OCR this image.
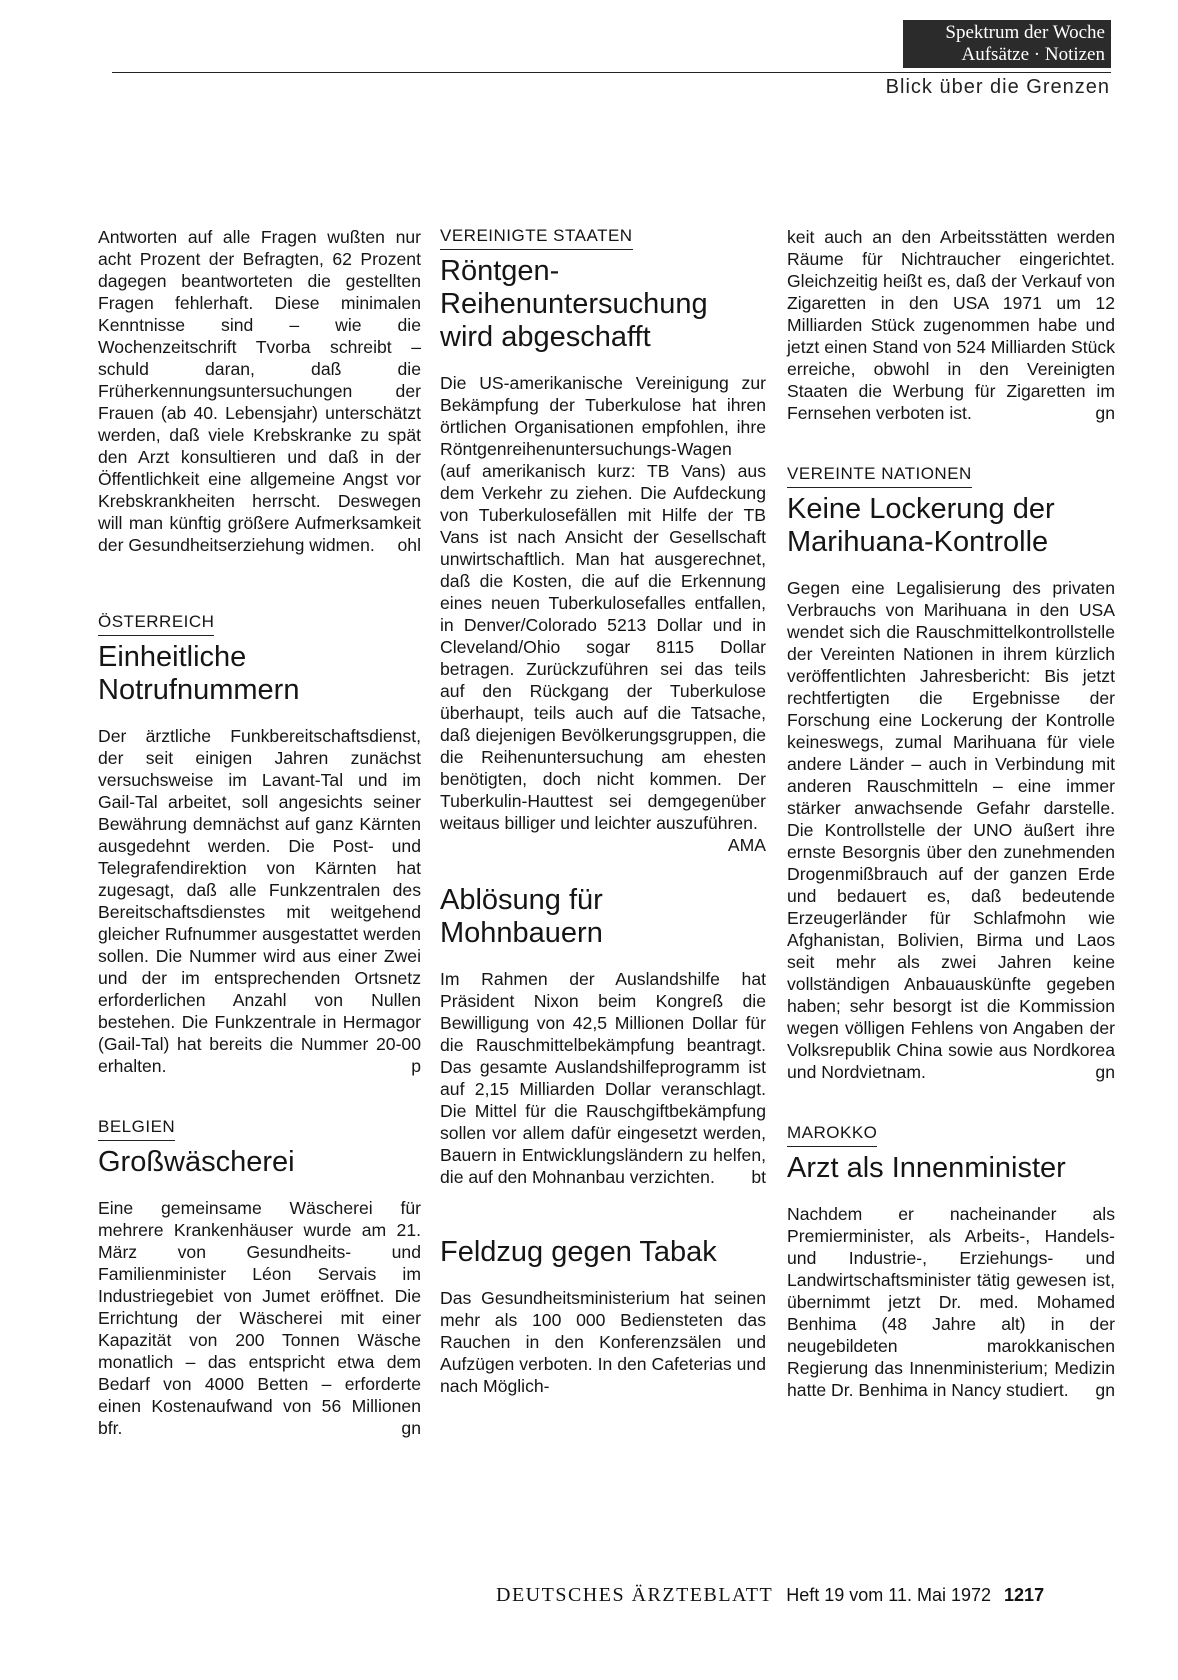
Spektrum der Woche
Aufsätze · Notizen
Blick über die Grenzen

Antworten auf alle Fragen wußten nur acht Prozent der Befragten, 62 Prozent dagegen beantworteten die gestellten Fragen fehlerhaft. Diese minimalen Kenntnisse sind – wie die Wochenzeitschrift Tvorba schreibt – schuld daran, daß die Früherkennungsuntersuchungen der Frauen (ab 40. Lebensjahr) unterschätzt werden, daß viele Krebskranke zu spät den Arzt konsultieren und daß in der Öffentlichkeit eine allgemeine Angst vor Krebskrankheiten herrscht. Deswegen will man künftig größere Aufmerksamkeit der Gesundheitserziehung widmen. ohl

ÖSTERREICH
Einheitliche Notrufnummern

Der ärztliche Funkbereitschaftsdienst, der seit einigen Jahren zunächst versuchsweise im Lavant-Tal und im Gail-Tal arbeitet, soll angesichts seiner Bewährung demnächst auf ganz Kärnten ausgedehnt werden. Die Post- und Telegrafendirektion von Kärnten hat zugesagt, daß alle Funkzentralen des Bereitschaftsdienstes mit weitgehend gleicher Rufnummer ausgestattet werden sollen. Die Nummer wird aus einer Zwei und der im entsprechenden Ortsnetz erforderlichen Anzahl von Nullen bestehen. Die Funkzentrale in Hermagor (Gail-Tal) hat bereits die Nummer 20-00 erhalten.	p

BELGIEN
Großwäscherei

Eine gemeinsame Wäscherei für mehrere Krankenhäuser wurde am 21. März von Gesundheits- und Familienminister Léon Servais im Industriegebiet von Jumet eröffnet. Die Errichtung der Wäscherei mit einer Kapazität von 200 Tonnen Wäsche monatlich – das entspricht etwa dem Bedarf von 4000 Betten – erforderte einen Kostenaufwand von 56 Millionen bfr.	gn

VEREINIGTE STAATEN
Röntgen-Reihenuntersuchung wird abgeschafft

Die US-amerikanische Vereinigung zur Bekämpfung der Tuberkulose hat ihren örtlichen Organisationen empfohlen, ihre Röntgenreihenuntersuchungs-Wagen (auf amerikanisch kurz: TB Vans) aus dem Verkehr zu ziehen. Die Aufdeckung von Tuberkulosefällen mit Hilfe der TB Vans ist nach Ansicht der Gesellschaft unwirtschaftlich. Man hat ausgerechnet, daß die Kosten, die auf die Erkennung eines neuen Tuberkulosefalles entfallen, in Denver/Colorado 5213 Dollar und in Cleveland/Ohio sogar 8115 Dollar betragen. Zurückzuführen sei das teils auf den Rückgang der Tuberkulose überhaupt, teils auch auf die Tatsache, daß diejenigen Bevölkerungsgruppen, die die Reihenuntersuchung am ehesten benötigten, doch nicht kommen. Der Tuberkulin-Hauttest sei demgegenüber weitaus billiger und leichter auszuführen.
AMA

Ablösung für Mohnbauern

Im Rahmen der Auslandshilfe hat Präsident Nixon beim Kongreß die Bewilligung von 42,5 Millionen Dollar für die Rauschmittelbekämpfung beantragt. Das gesamte Auslandshilfeprogramm ist auf 2,15 Milliarden Dollar veranschlagt. Die Mittel für die Rauschgiftbekämpfung sollen vor allem dafür eingesetzt werden, Bauern in Entwicklungsländern zu helfen, die auf den Mohnanbau verzichten. bt

Feldzug gegen Tabak

Das Gesundheitsministerium hat seinen mehr als 100 000 Bediensteten das Rauchen in den Konferenzsälen und Aufzügen verboten. In den Cafeterias und nach Möglich-

keit auch an den Arbeitsstätten werden Räume für Nichtraucher eingerichtet. Gleichzeitig heißt es, daß der Verkauf von Zigaretten in den USA 1971 um 12 Milliarden Stück zugenommen habe und jetzt einen Stand von 524 Milliarden Stück erreiche, obwohl in den Vereinigten Staaten die Werbung für Zigaretten im Fernsehen verboten ist.	gn

VEREINTE NATIONEN
Keine Lockerung der Marihuana-Kontrolle

Gegen eine Legalisierung des privaten Verbrauchs von Marihuana in den USA wendet sich die Rauschmittelkontrollstelle der Vereinten Nationen in ihrem kürzlich veröffentlichten Jahresbericht: Bis jetzt rechtfertigten die Ergebnisse der Forschung eine Lockerung der Kontrolle keineswegs, zumal Marihuana für viele andere Länder – auch in Verbindung mit anderen Rauschmitteln – eine immer stärker anwachsende Gefahr darstelle. Die Kontrollstelle der UNO äußert ihre ernste Besorgnis über den zunehmenden Drogenmißbrauch auf der ganzen Erde und bedauert es, daß bedeutende Erzeugerländer für Schlafmohn wie Afghanistan, Bolivien, Birma und Laos seit mehr als zwei Jahren keine vollständigen Anbauauskünfte gegeben haben; sehr besorgt ist die Kommission wegen völligen Fehlens von Angaben der Volksrepublik China sowie aus Nordkorea und Nordvietnam.	gn

MAROKKO
Arzt als Innenminister

Nachdem er nacheinander als Premierminister, als Arbeits-, Handels- und Industrie-, Erziehungs- und Landwirtschaftsminister tätig gewesen ist, übernimmt jetzt Dr. med. Mohamed Benhima (48 Jahre alt) in der neugebildeten marokkanischen Regierung das Innenministerium; Medizin hatte Dr. Benhima in Nancy studiert. gn

DEUTSCHES ÄRZTEBLATT Heft 19 vom 11. Mai 1972 1217
